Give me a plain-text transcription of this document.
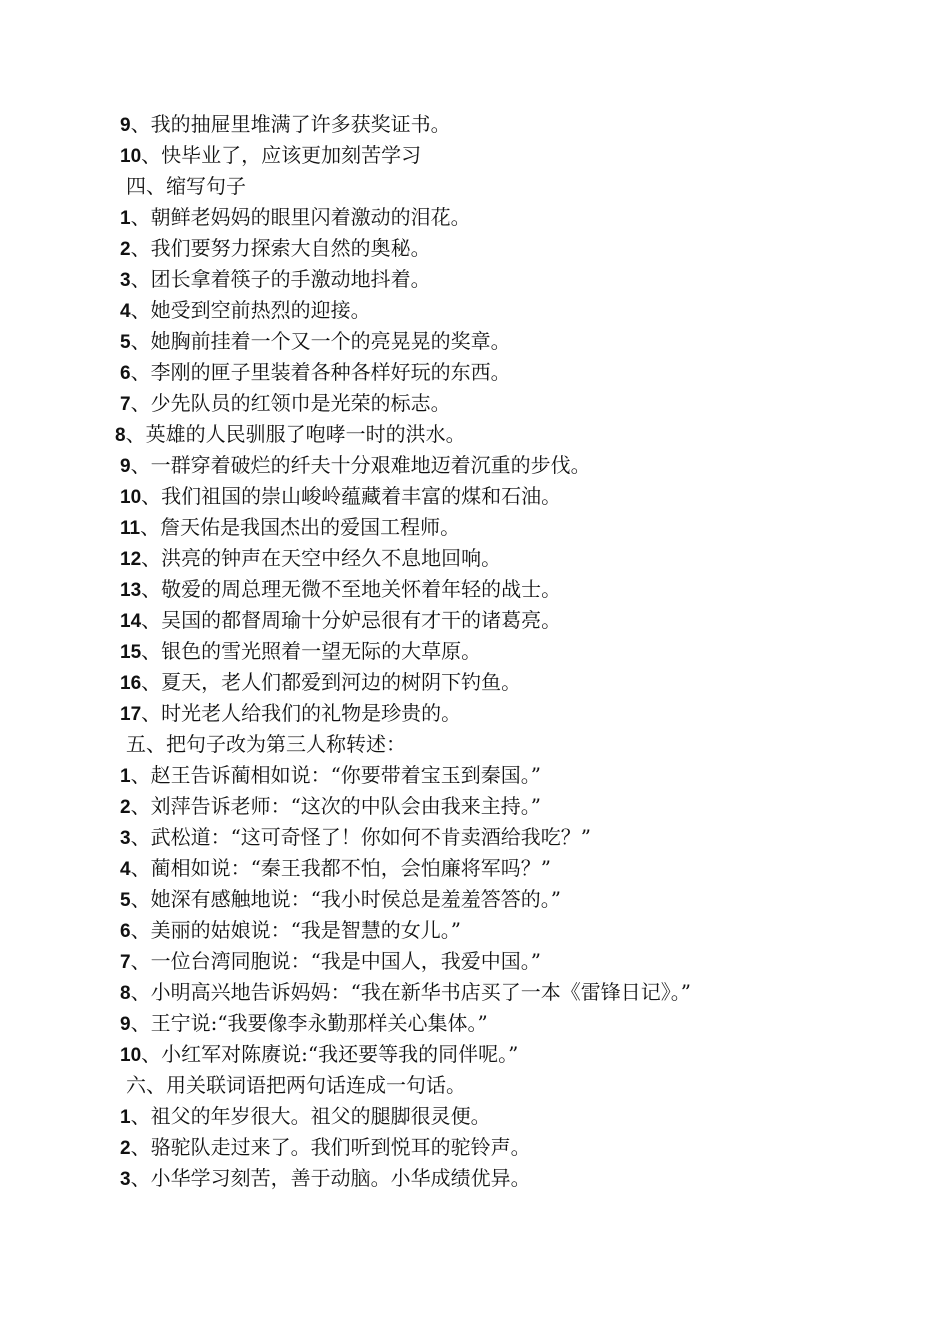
9、我的抽屉里堆满了许多获奖证书。
10、快毕业了，应该更加刻苦学习
四、缩写句子
1、朝鲜老妈妈的眼里闪着激动的泪花。
2、我们要努力探索大自然的奥秘。
3、团长拿着筷子的手激动地抖着。
4、她受到空前热烈的迎接。
5、她胸前挂着一个又一个的亮晃晃的奖章。
6、李刚的匣子里装着各种各样好玩的东西。
7、少先队员的红领巾是光荣的标志。
8、英雄的人民驯服了咆哮一时的洪水。
9、一群穿着破烂的纤夫十分艰难地迈着沉重的步伐。
10、我们祖国的崇山峻岭蕴藏着丰富的煤和石油。
11、詹天佑是我国杰出的爱国工程师。
12、洪亮的钟声在天空中经久不息地回响。
13、敬爱的周总理无微不至地关怀着年轻的战士。
14、吴国的都督周瑜十分妒忌很有才干的诸葛亮。
15、银色的雪光照着一望无际的大草原。
16、夏天，老人们都爱到河边的树阴下钓鱼。
17、时光老人给我们的礼物是珍贵的。
五、把句子改为第三人称转述：
1、赵王告诉蔺相如说：“你要带着宝玉到秦国。”
2、刘萍告诉老师：“这次的中队会由我来主持。”
3、武松道：“这可奇怪了！你如何不肯卖酒给我吃？”
4、蔺相如说：“秦王我都不怕，会怕廉将军吗？”
5、她深有感触地说：“我小时侯总是羞羞答答的。”
6、美丽的姑娘说：“我是智慧的女儿。”
7、一位台湾同胞说：“我是中国人，我爱中国。”
8、小明高兴地告诉妈妈：“我在新华书店买了一本《雷锋日记》。”
9、王宁说:“我要像李永勤那样关心集体。”
10、小红军对陈赓说:“我还要等我的同伴呢。”
六、用关联词语把两句话连成一句话。
1、祖父的年岁很大。祖父的腿脚很灵便。
2、骆驼队走过来了。我们听到悦耳的驼铃声。
3、小华学习刻苦，善于动脑。小华成绩优异。
